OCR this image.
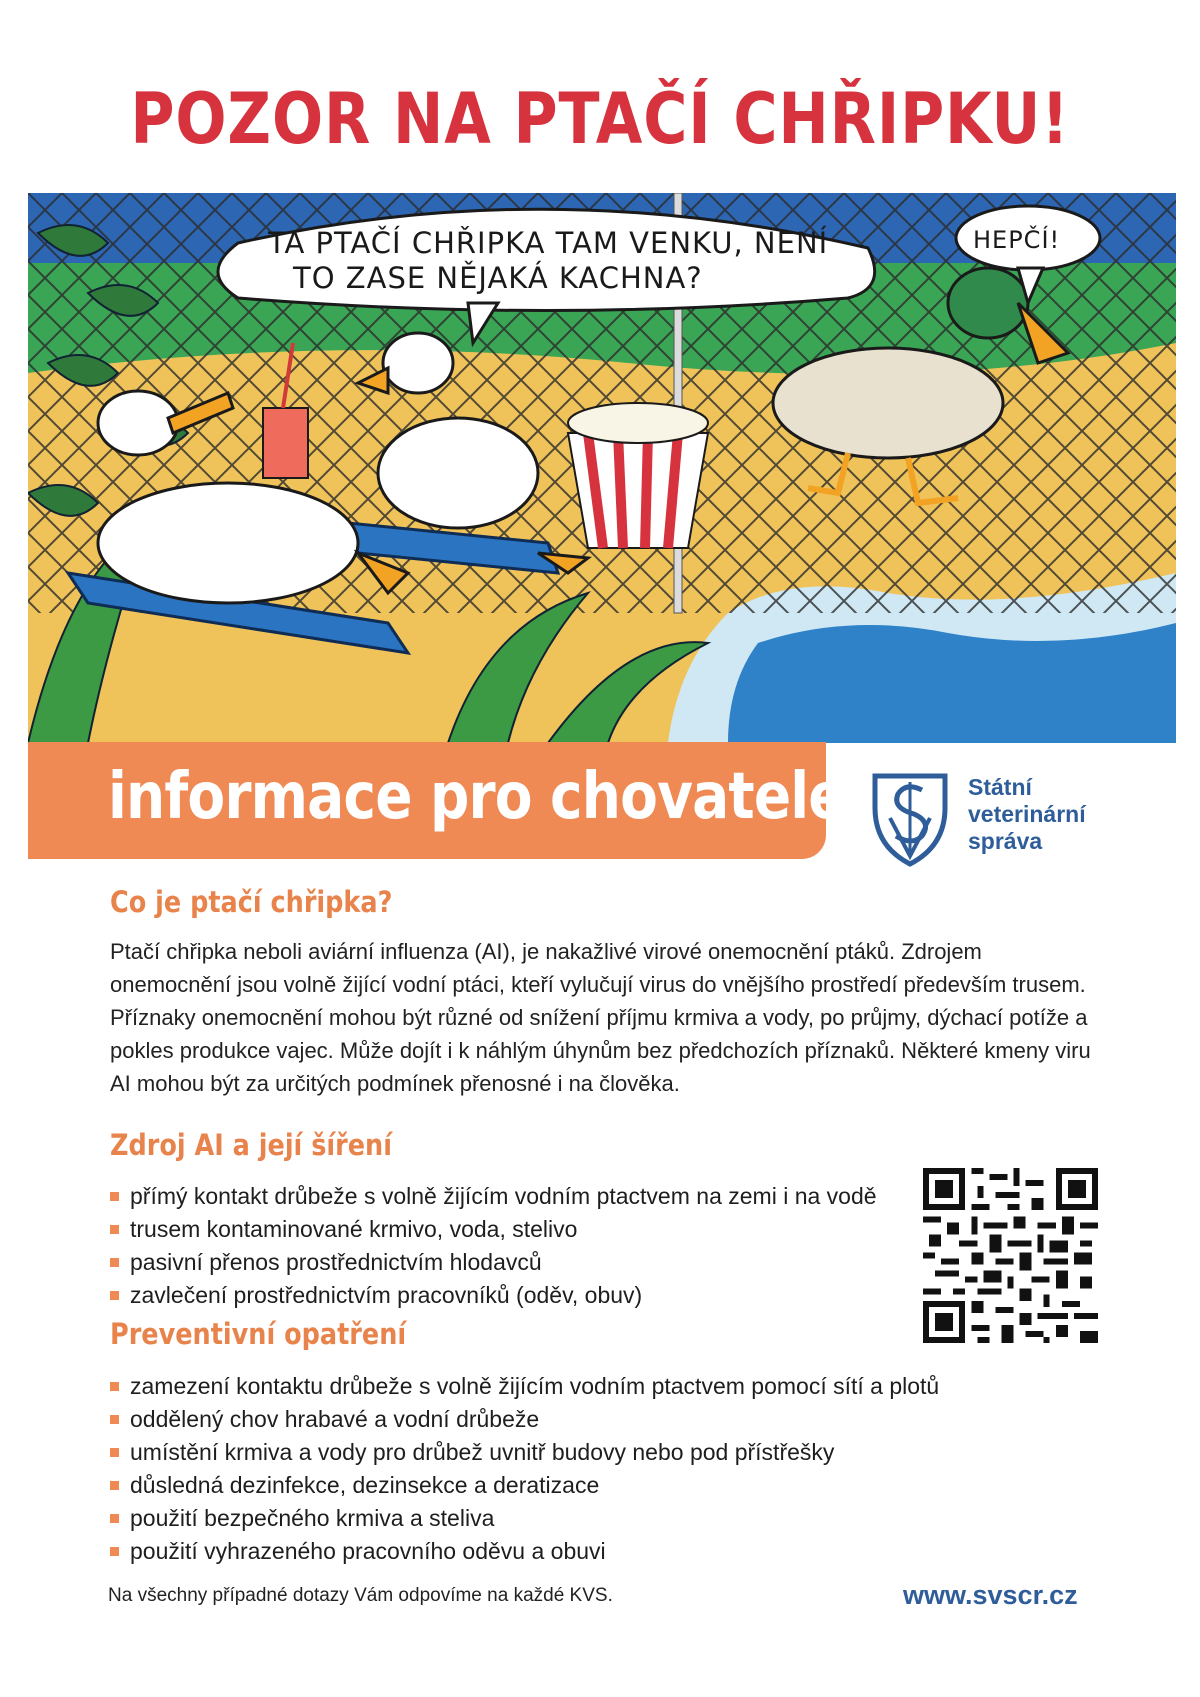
POZOR NA PTAČÍ CHŘIPKU!
TA PTAČÍ CHŘIPKA TAM VENKU, NENÍ
TO ZASE NĚJAKÁ KACHNA?
HEPČÍ!
informace pro chovatele	Státní
veterinární
správa
Co je ptačí chřipka?

Ptačí chřipka neboli aviární influenza (AI), je nakažlivé virové onemocnění ptáků. Zdrojem onemocnění jsou volně žijící vodní ptáci, kteří vylučují virus do vnějšího prostředí především trusem. Příznaky onemocnění mohou být různé od snížení příjmu krmiva a vody, po průjmy, dýchací potíže a pokles produkce vajec. Může dojít i k náhlým úhynům bez předchozích příznaků. Některé kmeny viru AI mohou být za určitých podmínek přenosné i na člověka.

Zdroj AI a její šíření
přímý kontakt drůbeže s volně žijícím vodním ptactvem na zemi i na vodě
trusem kontaminované krmivo, voda, stelivo
pasivní přenos prostřednictvím hlodavců
zavlečení prostřednictvím pracovníků (oděv, obuv)
Preventivní opatření
zamezení kontaktu drůbeže s volně žijícím vodním ptactvem pomocí sítí a plotů
oddělený chov hrabavé a vodní drůbeže
umístění krmiva a vody pro drůbež uvnitř budovy nebo pod přístřešky
důsledná dezinfekce, dezinsekce a deratizace
použití bezpečného krmiva a steliva
použití vyhrazeného pracovního oděvu a obuvi
Na všechny případné dotazy Vám odpovíme na každé KVS.	www.svscr.cz
